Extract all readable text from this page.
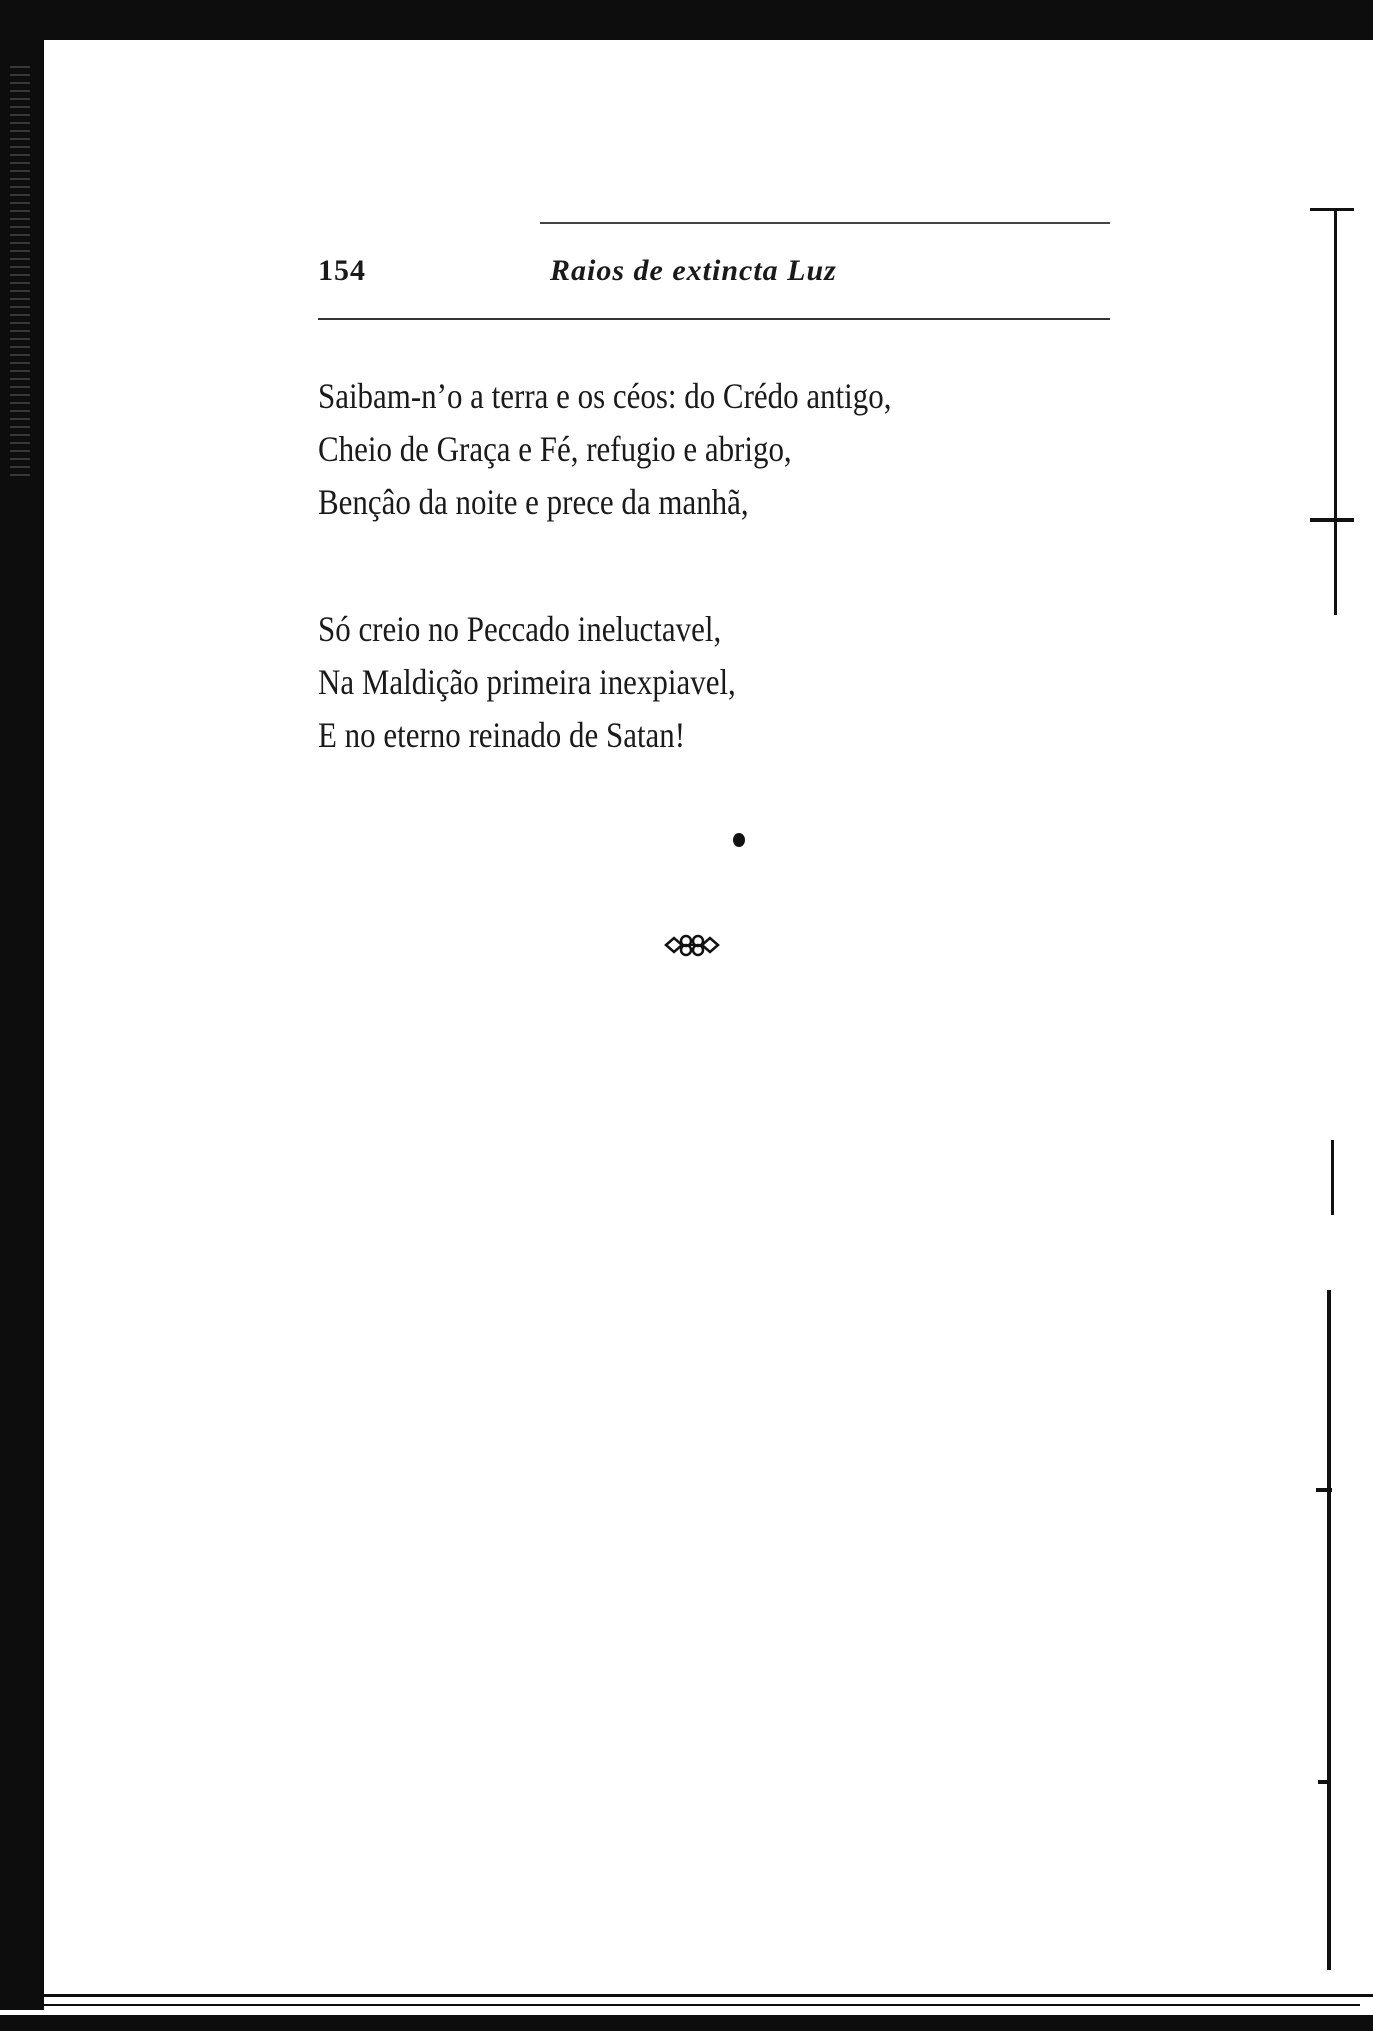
154	Raios de extincta Luz
Saibam-n’o a terra e os céos: do Crédo antigo,
Cheio de Graça e Fé, refugio e abrigo,
Bençâo da noite e prece da manhã,
Só creio no Peccado ineluctavel,
Na Maldição primeira inexpiavel,
E no eterno reinado de Satan!
